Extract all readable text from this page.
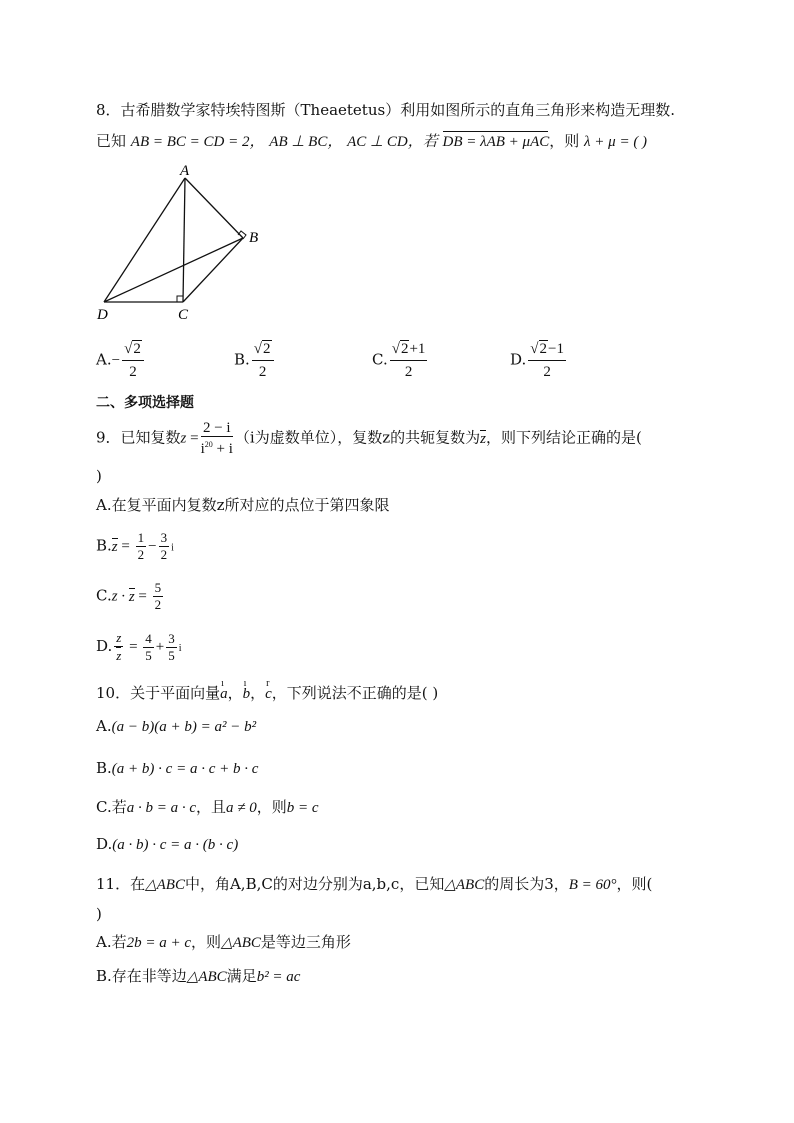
8．古希腊数学家特埃特图斯（Theaetetus）利用如图所示的直角三角形来构造无理数.
已知 AB = BC = CD = 2， AB ⊥ BC， AC ⊥ CD，若 DB = λAB + μAC，则 λ + μ = ( )
A
B
C
D
$A.- \frac{√2}{2}$	B. $\frac{√2}{2}$	C. $\frac{√2+1}{2}$	D. $\frac{√2-1}{2}$
二、多项选择题
9．已知复数$z = \frac{2 - i}{i^{20} + i} (i$为虚数单位），复数z的共轭复数为z，则下列结论正确的是(
)
A.在复平面内复数z所对应的点位于第四象限
$B.z = \frac{1}{2} - \frac{3}{2}$ i
$C.z \cdot z = \frac{5}{2}$
D. $\frac{z}{z} = \frac{4}{5} + \frac{3}{5}$ i
10．关于平面向量
ı
a，
ı
b，
r
c，下列说法不正确的是( )
A.(a − b)(a + b) = a² − b²
B.(a + b) · c = a · c + b · c
C.若a · b = a · c，且a ≠ 0，则b = c
D.(a · b) · c = a · (b · c)
11．在△ABC中，角A,B,C的对边分别为a,b,c，已知△ABC的周长为3，B = 60°，则(
)
A.若2b = a + c，则△ABC是等边三角形
B.存在非等边△ABC满足b² = ac
